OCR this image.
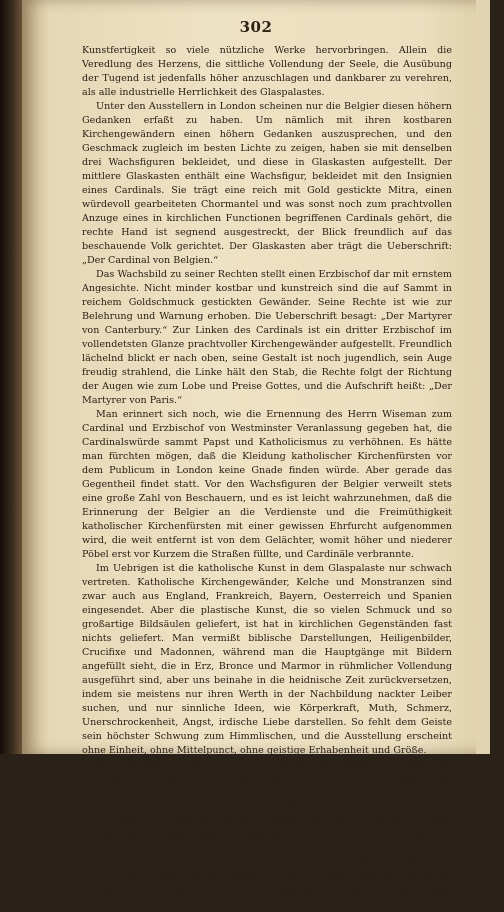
302

Kunstfertigkeit so viele nützliche Werke hervorbringen. Allein die Veredlung des Herzens, die sittliche Vollendung der Seele, die Ausübung der Tugend ist jedenfalls höher anzuschlagen und dankbarer zu verehren, als alle industrielle Herrlichkeit des Glaspalastes.

Unter den Ausstellern in London scheinen nur die Belgier diesen höhern Gedanken erfaßt zu haben. Um nämlich mit ihren kostbaren Kirchengewändern einen höhern Gedanken auszusprechen, und den Geschmack zugleich im besten Lichte zu zeigen, haben sie mit denselben drei Wachsfiguren bekleidet, und diese in Glaskasten aufgestellt. Der mittlere Glaskasten enthält eine Wachsfigur, bekleidet mit den Insignien eines Cardinals. Sie trägt eine reich mit Gold gestickte Mitra, einen würdevoll gearbeiteten Chormantel und was sonst noch zum prachtvollen Anzuge eines in kirchlichen Functionen begriffenen Cardinals gehört, die rechte Hand ist segnend ausgestreckt, der Blick freundlich auf das beschauende Volk gerichtet. Der Glaskasten aber trägt die Ueberschrift: „Der Cardinal von Belgien.“

Das Wachsbild zu seiner Rechten stellt einen Erzbischof dar mit ernstem Angesichte. Nicht minder kostbar und kunstreich sind die auf Sammt in reichem Goldschmuck gestickten Gewänder. Seine Rechte ist wie zur Belehrung und Warnung erhoben. Die Ueberschrift besagt: „Der Martyrer von Canterbury.“ Zur Linken des Cardinals ist ein dritter Erzbischof im vollendetsten Glanze prachtvoller Kirchengewänder aufgestellt. Freundlich lächelnd blickt er nach oben, seine Gestalt ist noch jugendlich, sein Auge freudig strahlend, die Linke hält den Stab, die Rechte folgt der Richtung der Augen wie zum Lobe und Preise Gottes, und die Aufschrift heißt: „Der Martyrer von Paris.“

Man erinnert sich noch, wie die Ernennung des Herrn Wiseman zum Cardinal und Erzbischof von Westminster Veranlassung gegeben hat, die Cardinalswürde sammt Papst und Katholicismus zu verhöhnen. Es hätte man fürchten mögen, daß die Kleidung katholischer Kirchenfürsten vor dem Publicum in London keine Gnade finden würde. Aber gerade das Gegentheil findet statt. Vor den Wachsfiguren der Belgier verweilt stets eine große Zahl von Beschauern, und es ist leicht wahrzunehmen, daß die Erinnerung der Belgier an die Verdienste und die Freimüthigkeit katholischer Kirchenfürsten mit einer gewissen Ehrfurcht aufgenommen wird, die weit entfernt ist von dem Gelächter, womit höher und niederer Pöbel erst vor Kurzem die Straßen füllte, und Cardinäle verbrannte.

Im Uebrigen ist die katholische Kunst in dem Glaspalaste nur schwach vertreten. Katholische Kirchengewänder, Kelche und Monstranzen sind zwar auch aus England, Frankreich, Bayern, Oesterreich und Spanien eingesendet. Aber die plastische Kunst, die so vielen Schmuck und so großartige Bildsäulen geliefert, ist hat in kirchlichen Gegenständen fast nichts geliefert. Man vermißt biblische Darstellungen, Heiligenbilder, Crucifixe und Madonnen, während man die Hauptgänge mit Bildern angefüllt sieht, die in Erz, Bronce und Marmor in rühmlicher Vollendung ausgeführt sind, aber uns beinahe in die heidnische Zeit zurückversetzen, indem sie meistens nur ihren Werth in der Nachbildung nackter Leiber suchen, und nur sinnliche Ideen, wie Körperkraft, Muth, Schmerz, Unerschrockenheit, Angst, irdische Liebe darstellen. So fehlt dem Geiste sein höchster Schwung zum Himmlischen, und die Ausstellung erscheint ohne Einheit, ohne Mittelpunct, ohne geistige Erhabenheit und Größe.

Den nämlichen Eindruck machen die in legen Jahrhundert erbauten Kirchen der Stadt. Ihre Thürme ragen hoch in die Lüfte empor, und beurkunden den Reichthum wie die Opferwilligkeit der Erbauer. Allein sie machen den Eindruck des Mangelhaften, Unvollendeten, weil die Hauptsache, der Mittelpunct, die Einheit fehlt. Diese Thürme endigen nämlich oben in eine Plattform, umgeben von vier kleinen Thürmchen, die auf den Ecken angebracht sind, und einigermaßen wie große Schornsteine sich ausnehmen, weil die gothische Vorzeit oder das spitze Schieferdach, worauf das Kreuz und der Hahn prangen müßten, gänzlich fehlt. Es scheinen die Baumeister damit die englische Hochkirche sinnbildlich dargestellt zu haben, welche sich
